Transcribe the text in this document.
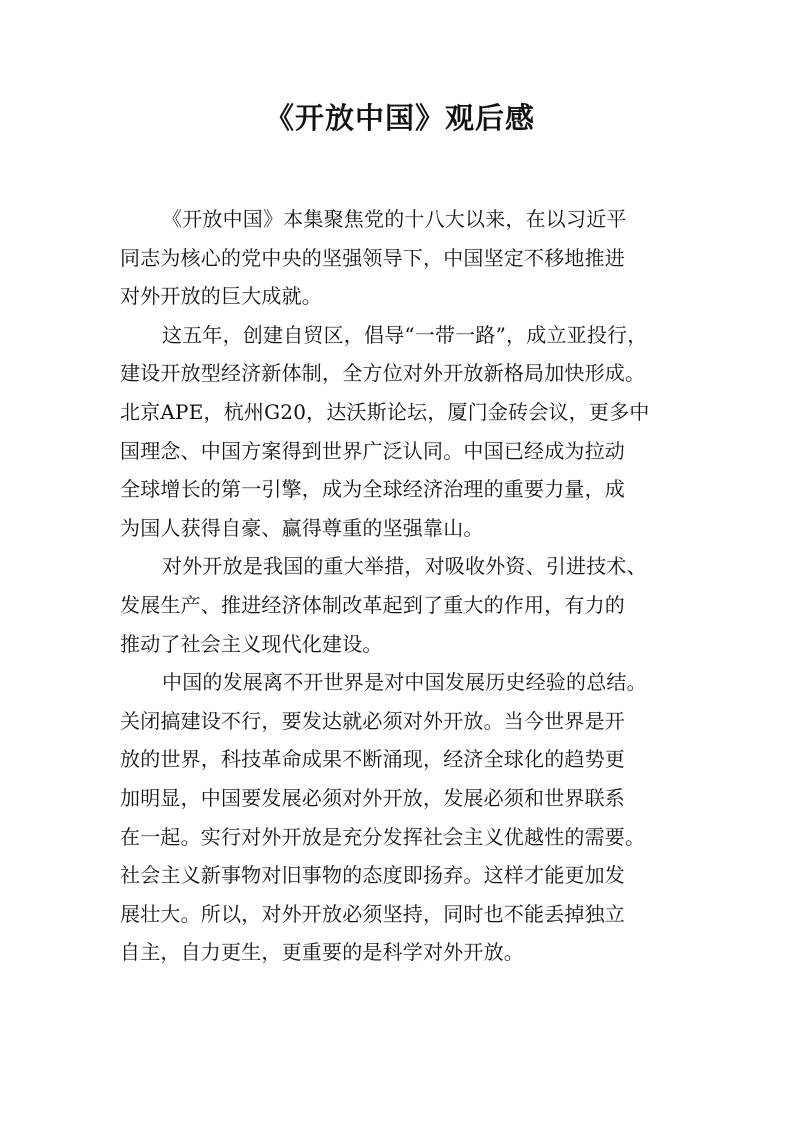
《开放中国》观后感

《开放中国》本集聚焦党的十八大以来，在以习近平
同志为核心的党中央的坚强领导下，中国坚定不移地推进
对外开放的巨大成就。

这五年，创建自贸区，倡导“一带一路”，成立亚投行，
建设开放型经济新体制，全方位对外开放新格局加快形成。
北京APE，杭州G20，达沃斯论坛，厦门金砖会议，更多中
国理念、中国方案得到世界广泛认同。中国已经成为拉动
全球增长的第一引擎，成为全球经济治理的重要力量，成
为国人获得自豪、赢得尊重的坚强靠山。

对外开放是我国的重大举措，对吸收外资、引进技术、
发展生产、推进经济体制改革起到了重大的作用，有力的
推动了社会主义现代化建设。

中国的发展离不开世界是对中国发展历史经验的总结。
关闭搞建设不行，要发达就必须对外开放。当今世界是开
放的世界，科技革命成果不断涌现，经济全球化的趋势更
加明显，中国要发展必须对外开放，发展必须和世界联系
在一起。实行对外开放是充分发挥社会主义优越性的需要。
社会主义新事物对旧事物的态度即扬弃。这样才能更加发
展壮大。所以，对外开放必须坚持，同时也不能丢掉独立
自主，自力更生，更重要的是科学对外开放。
